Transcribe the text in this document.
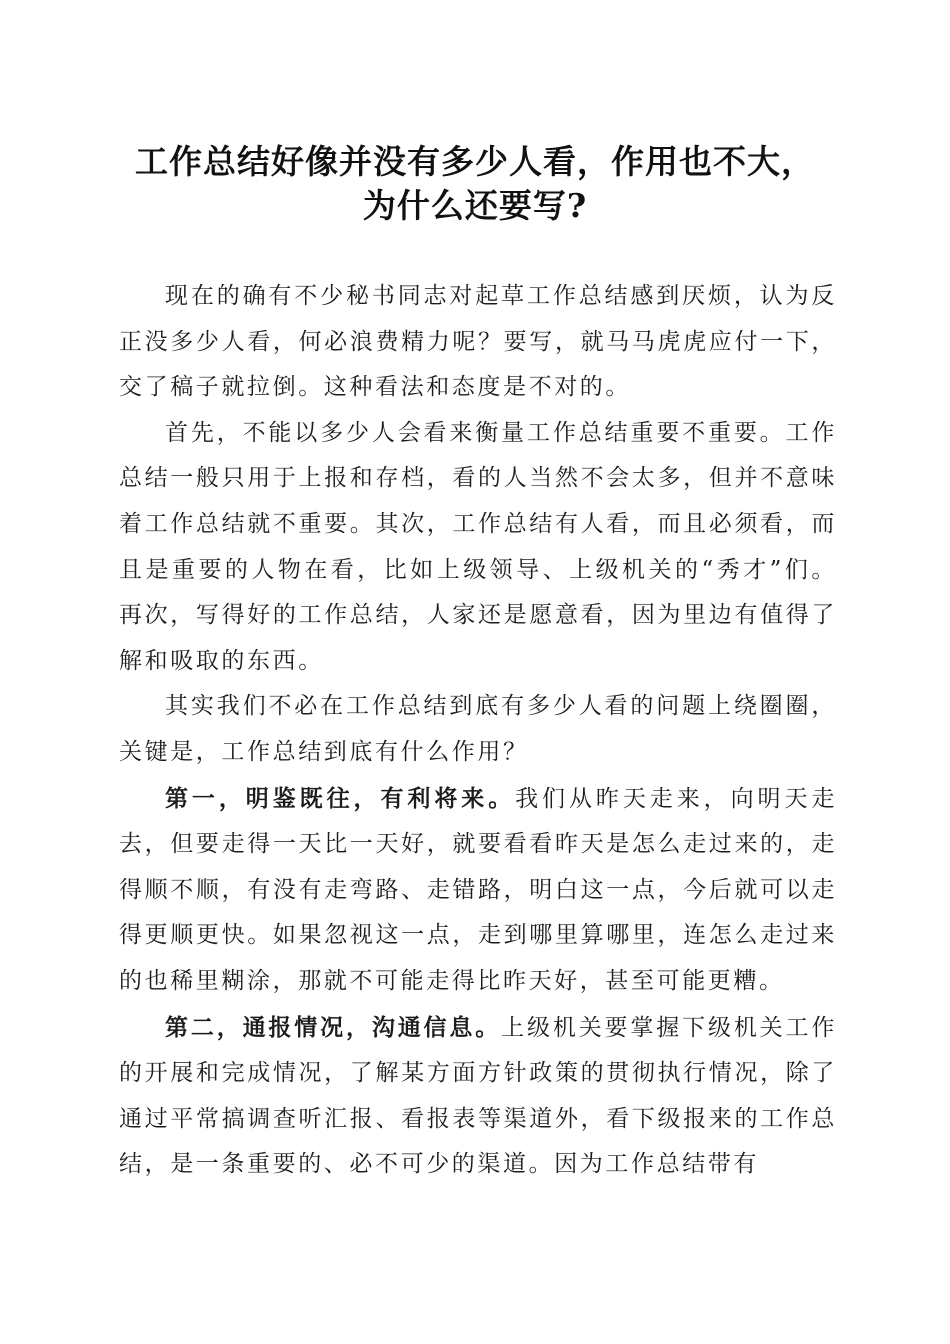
工作总结好像并没有多少人看，作用也不大，
为什么还要写?

现在的确有不少秘书同志对起草工作总结感到厌烦，认为反正没多少人看，何必浪费精力呢？要写，就马马虎虎应付一下，交了稿子就拉倒。这种看法和态度是不对的。

首先，不能以多少人会看来衡量工作总结重要不重要。工作总结一般只用于上报和存档，看的人当然不会太多，但并不意味着工作总结就不重要。其次，工作总结有人看，而且必须看，而且是重要的人物在看，比如上级领导、上级机关的“秀才”们。再次，写得好的工作总结，人家还是愿意看，因为里边有值得了解和吸取的东西。

其实我们不必在工作总结到底有多少人看的问题上绕圈圈，关键是，工作总结到底有什么作用？

第一，明鉴既往，有利将来。我们从昨天走来，向明天走去，但要走得一天比一天好，就要看看昨天是怎么走过来的，走得顺不顺，有没有走弯路、走错路，明白这一点，今后就可以走得更顺更快。如果忽视这一点，走到哪里算哪里，连怎么走过来的也稀里糊涂，那就不可能走得比昨天好，甚至可能更糟。

第二，通报情况，沟通信息。上级机关要掌握下级机关工作的开展和完成情况，了解某方面方针政策的贯彻执行情况，除了通过平常搞调查听汇报、看报表等渠道外，看下级报来的工作总结，是一条重要的、必不可少的渠道。因为工作总结带有
